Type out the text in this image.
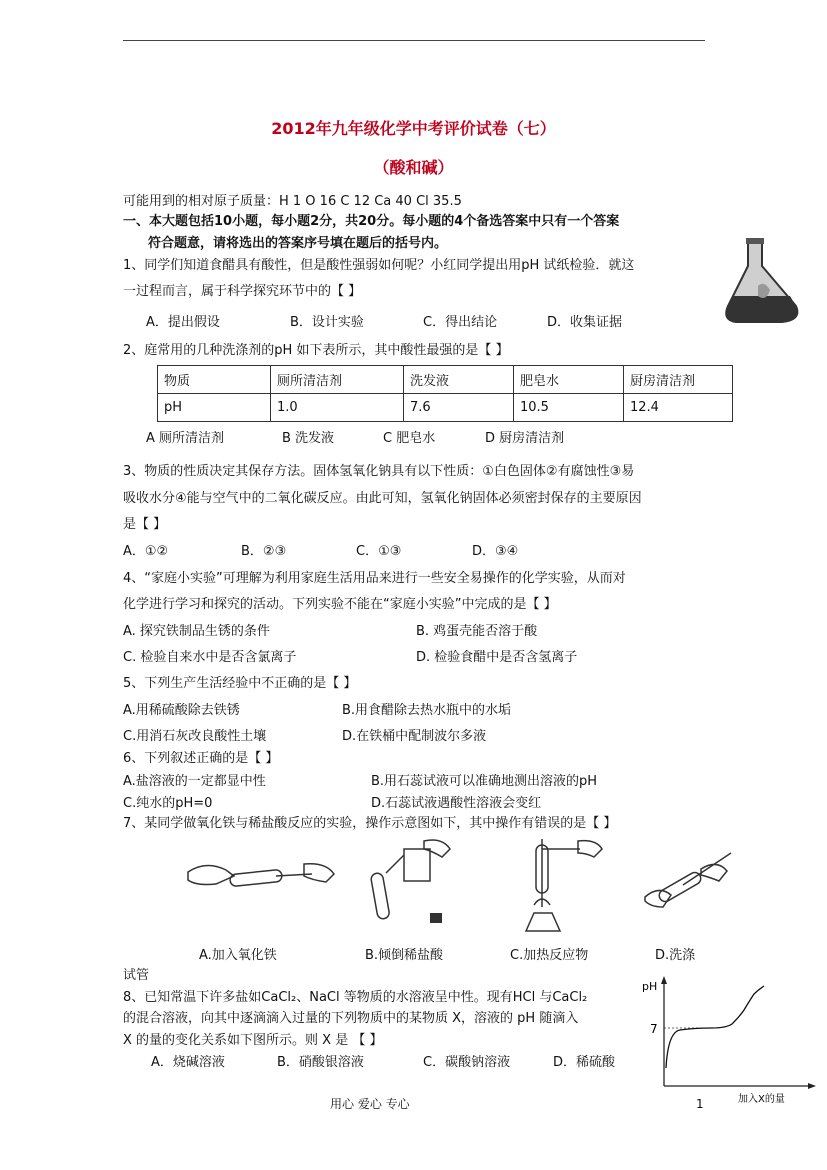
2012年九年级化学中考评价试卷（七）
（酸和碱）
可能用到的相对原子质量：H 1 O 16 C 12 Ca 40 Cl 35.5
一、本大题包括10小题，每小题2分，共20分。每小题的4个备选答案中只有一个答案
符合题意，请将选出的答案序号填在题后的括号内。
1、同学们知道食醋具有酸性，但是酸性强弱如何呢？小红同学提出用pH 试纸检验．就这
一过程而言，属于科学探究环节中的【 】
A．提出假设	B．设计实验	C．得出结论	D．收集证据
2、庭常用的几种洗涤剂的pH 如下表所示，其中酸性最强的是【 】
物质	厕所清洁剂	洗发液	肥皂水	厨房清洁剂
pH	1.0	7.6	10.5	12.4
A 厕所清洁剂	B 洗发液	C 肥皂水	D 厨房清洁剂
3、物质的性质决定其保存方法。固体氢氧化钠具有以下性质：①白色固体②有腐蚀性③易
吸收水分④能与空气中的二氧化碳反应。由此可知，氢氧化钠固体必须密封保存的主要原因
是【 】
A．①②	B．②③	C．①③	D．③④
4、“家庭小实验”可理解为利用家庭生活用品来进行一些安全易操作的化学实验，从而对
化学进行学习和探究的活动。下列实验不能在“家庭小实验”中完成的是【 】
A. 探究铁制品生锈的条件	B. 鸡蛋壳能否溶于酸
C. 检验自来水中是否含氯离子	D. 检验食醋中是否含氢离子
5、下列生产生活经验中不正确的是【 】
A.用稀硫酸除去铁锈	B.用食醋除去热水瓶中的水垢
C.用消石灰改良酸性土壤	D.在铁桶中配制波尔多液
6、下列叙述正确的是【 】
A.盐溶液的一定都显中性	B.用石蕊试液可以准确地测出溶液的pH
C.纯水的pH=0	D.石蕊试液遇酸性溶液会变红
7、某同学做氧化铁与稀盐酸反应的实验，操作示意图如下，其中操作有错误的是【 】
A.加入氧化铁	B.倾倒稀盐酸	C.加热反应物	D.洗涤
试管
8、已知常温下许多盐如CaCl₂、NaCl 等物质的水溶液呈中性。现有HCl 与CaCl₂
的混合溶液，向其中逐滴滴入过量的下列物质中的某物质 X，溶液的 pH 随滴入
X 的量的变化关系如下图所示。则 X 是 【 】
A．烧碱溶液	B．硝酸银溶液	C．碳酸钠溶液	D．稀硫酸
pH
7
加入X的量
用心 爱心 专心	1
